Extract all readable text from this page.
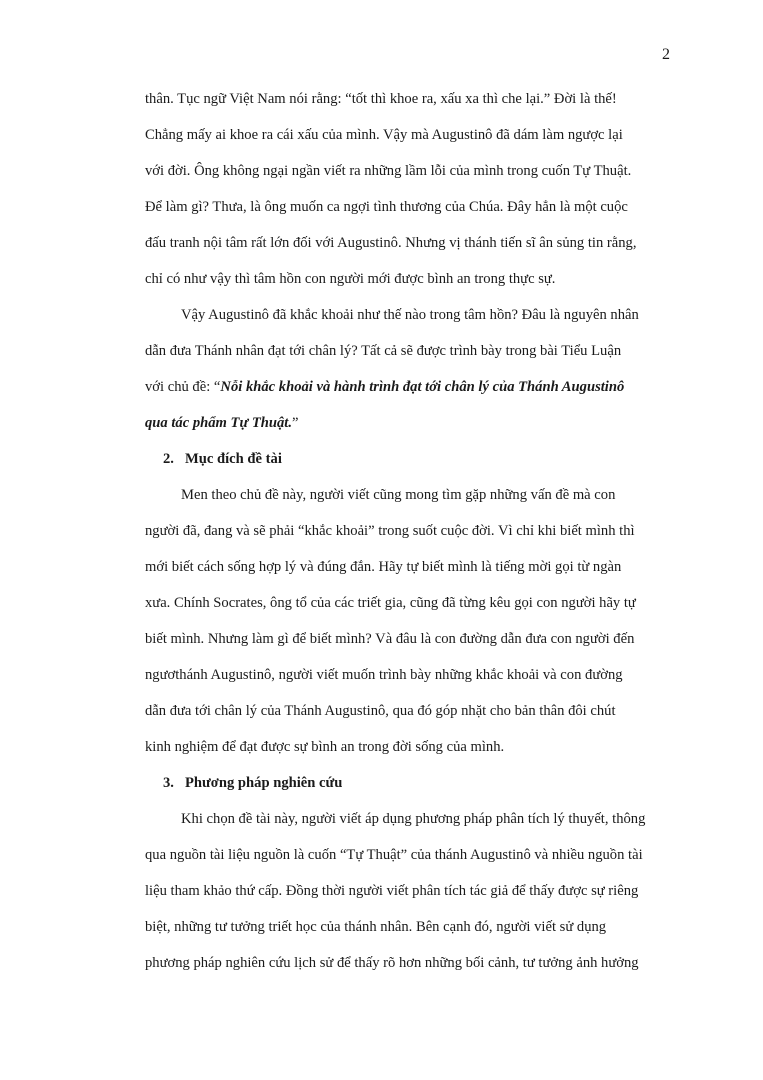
2
thân. Tục ngữ Việt Nam nói rằng: “tốt thì khoe ra, xấu xa thì che lại.” Đời là thế!
Chẳng mấy ai khoe ra cái xấu của mình. Vậy mà Augustinô đã dám làm ngược lại
với đời. Ông không ngại ngần viết ra những lầm lỗi của mình trong cuốn Tự Thuật.
Để làm gì? Thưa, là ông muốn ca ngợi tình thương của Chúa. Đây hẳn là một cuộc
đấu tranh nội tâm rất lớn đối với Augustinô. Nhưng vị thánh tiến sĩ ân sủng tin rằng,
chỉ có như vậy thì tâm hồn con người mới được bình an trong thực sự.
Vậy Augustinô đã khắc khoải như thế nào trong tâm hồn? Đâu là nguyên nhân
dẫn đưa Thánh nhân đạt tới chân lý? Tất cả sẽ được trình bày trong bài Tiểu Luận
với chủ đề: “Nỗi khắc khoải và hành trình đạt tới chân lý của Thánh Augustinô
qua tác phẩm Tự Thuật.”
2. Mục đích đề tài
Men theo chủ đề này, người viết cũng mong tìm gặp những vấn đề mà con
người đã, đang và sẽ phải “khắc khoải” trong suốt cuộc đời. Vì chỉ khi biết mình thì
mới biết cách sống hợp lý và đúng đắn. Hãy tự biết mình là tiếng mời gọi từ ngàn
xưa. Chính Socrates, ông tổ của các triết gia, cũng đã từng kêu gọi con người hãy tự
biết mình. Nhưng làm gì để biết mình? Và đâu là con đường dẫn đưa con người đến
ngươthánh Augustinô, người viết muốn trình bày những khắc khoải và con đường
dẫn đưa tới chân lý của Thánh Augustinô, qua đó góp nhặt cho bản thân đôi chút
kinh nghiệm để đạt được sự bình an trong đời sống của mình.
3. Phương pháp nghiên cứu
Khi chọn đề tài này, người viết áp dụng phương pháp phân tích lý thuyết, thông
qua nguồn tài liệu nguồn là cuốn “Tự Thuật” của thánh Augustinô và nhiều nguồn tài
liệu tham khảo thứ cấp. Đồng thời người viết phân tích tác giả để thấy được sự riêng
biệt, những tư tưởng triết học của thánh nhân. Bên cạnh đó, người viết sử dụng
phương pháp nghiên cứu lịch sử để thấy rõ hơn những bối cảnh, tư tưởng ảnh hưởng
